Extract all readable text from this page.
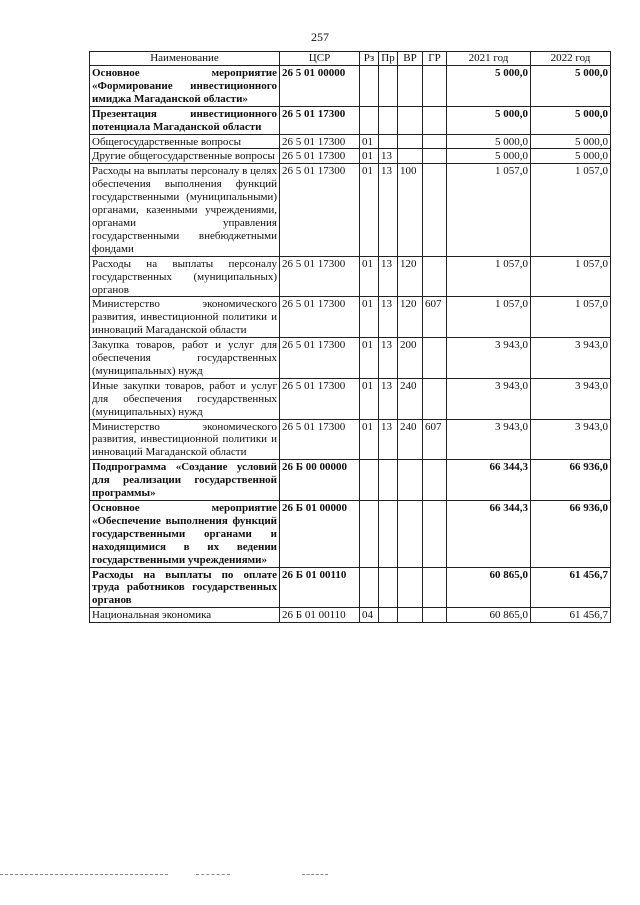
257
Наименование	ЦСР	Рз	Пр	ВР	ГР	2021 год	2022 год
Основное мероприятие «Формирование инвестиционного имиджа Магаданской области»	26 5 01 00000					5 000,0	5 000,0
Презентация инвестиционного потенциала Магаданской области	26 5 01 17300					5 000,0	5 000,0
Общегосударственные вопросы	26 5 01 17300	01				5 000,0	5 000,0
Другие общегосударственные вопросы	26 5 01 17300	01	13			5 000,0	5 000,0
Расходы на выплаты персоналу в целях обеспечения выполнения функций государственными (муниципальными) органами, казенными учреждениями, органами управления государственными внебюджетными фондами	26 5 01 17300	01	13	100		1 057,0	1 057,0
Расходы на выплаты персоналу государственных (муниципальных) органов	26 5 01 17300	01	13	120		1 057,0	1 057,0
Министерство экономического развития, инвестиционной политики и инноваций Магаданской области	26 5 01 17300	01	13	120	607	1 057,0	1 057,0
Закупка товаров, работ и услуг для обеспечения государственных (муниципальных) нужд	26 5 01 17300	01	13	200		3 943,0	3 943,0
Иные закупки товаров, работ и услуг для обеспечения государственных (муниципальных) нужд	26 5 01 17300	01	13	240		3 943,0	3 943,0
Министерство экономического развития, инвестиционной политики и инноваций Магаданской области	26 5 01 17300	01	13	240	607	3 943,0	3 943,0
Подпрограмма «Создание условий для реализации государственной программы»	26 Б 00 00000					66 344,3	66 936,0
Основное мероприятие «Обеспечение выполнения функций государственными органами и находящимися в их ведении государственными учреждениями»	26 Б 01 00000					66 344,3	66 936,0
Расходы на выплаты по оплате труда работников государственных органов	26 Б 01 00110					60 865,0	61 456,7
Национальная экономика	26 Б 01 00110	04				60 865,0	61 456,7
